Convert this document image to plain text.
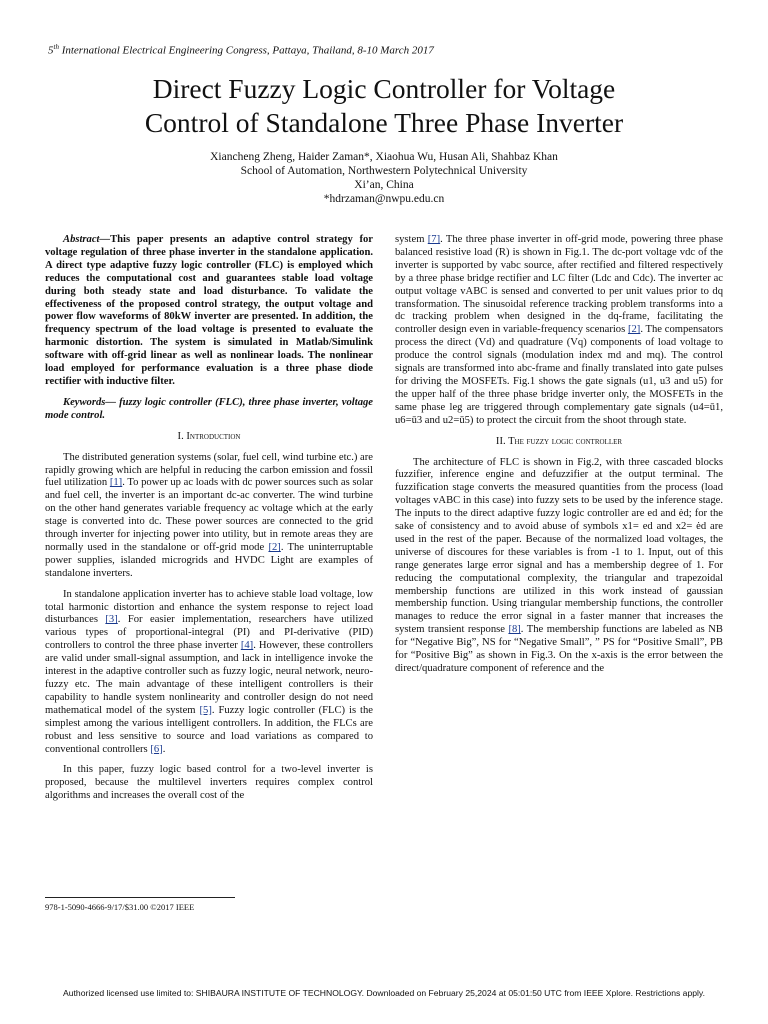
5th International Electrical Engineering Congress, Pattaya, Thailand, 8-10 March 2017
Direct Fuzzy Logic Controller for Voltage
Control of Standalone Three Phase Inverter
Xiancheng Zheng, Haider Zaman*, Xiaohua Wu, Husan Ali, Shahbaz Khan
School of Automation, Northwestern Polytechnical University
Xi’an, China
*hdrzaman@nwpu.edu.cn

Abstract—This paper presents an adaptive control strategy for voltage regulation of three phase inverter in the standalone application. A direct type adaptive fuzzy logic controller (FLC) is employed which reduces the computational cost and guarantees stable load voltage during both steady state and load disturbance. To validate the effectiveness of the proposed control strategy, the output voltage and power flow waveforms of 80kW inverter are presented. In addition, the frequency spectrum of the load voltage is presented to evaluate the harmonic distortion. The system is simulated in Matlab/Simulink software with off-grid linear as well as nonlinear loads. The nonlinear load employed for performance evaluation is a three phase diode rectifier with inductive filter.

Keywords— fuzzy logic controller (FLC), three phase inverter, voltage mode control.

I. Introduction

The distributed generation systems (solar, fuel cell, wind turbine etc.) are rapidly growing which are helpful in reducing the carbon emission and fossil fuel utilization [1]. To power up ac loads with dc power sources such as solar and fuel cell, the inverter is an important dc-ac converter. The wind turbine on the other hand generates variable frequency ac voltage which at the early stage is converted into dc. These power sources are connected to the grid through inverter for injecting power into utility, but in remote areas they are normally used in the standalone or off-grid mode [2]. The uninterruptable power supplies, islanded microgrids and HVDC Light are examples of standalone inverters.

In standalone application inverter has to achieve stable load voltage, low total harmonic distortion and enhance the system response to reject load disturbances [3]. For easier implementation, researchers have utilized various types of proportional-integral (PI) and PI-derivative (PID) controllers to control the three phase inverter [4]. However, these controllers are valid under small-signal assumption, and lack in intelligence invoke the interest in the adaptive controller such as fuzzy logic, neural network, neuro-fuzzy etc. The main advantage of these intelligent controllers is their capability to handle system nonlinearity and controller design do not need mathematical model of the system [5]. Fuzzy logic controller (FLC) is the simplest among the various intelligent controllers. In addition, the FLCs are robust and less sensitive to source and load variations as compared to conventional controllers [6].

In this paper, fuzzy logic based control for a two-level inverter is proposed, because the multilevel inverters requires complex control algorithms and increases the overall cost of the

system [7]. The three phase inverter in off-grid mode, powering three phase balanced resistive load (R) is shown in Fig.1. The dc-port voltage vdc of the inverter is supported by vabc source, after rectified and filtered respectively by a three phase bridge rectifier and LC filter (Ldc and Cdc). The inverter ac output voltage vABC is sensed and converted to per unit values prior to dq transformation. The sinusoidal reference tracking problem transforms into a dc tracking problem when designed in the dq-frame, facilitating the controller design even in variable-frequency scenarios [2]. The compensators process the direct (Vd) and quadrature (Vq) components of load voltage to produce the control signals (modulation index md and mq). The control signals are transformed into abc-frame and finally translated into gate pulses for driving the MOSFETs. Fig.1 shows the gate signals (u1, u3 and u5) for the upper half of the three phase bridge inverter only, the MOSFETs in the same phase leg are triggered through complementary gate signals (u4=ū1, u6=ū3 and u2=ū5) to protect the circuit from the shoot through state.

II. The fuzzy logic controller

The architecture of FLC is shown in Fig.2, with three cascaded blocks fuzzifier, inference engine and defuzzifier at the output terminal. The fuzzification stage converts the measured quantities from the process (load voltages vABC in this case) into fuzzy sets to be used by the inference stage. The inputs to the direct adaptive fuzzy logic controller are ed and ėd; for the sake of consistency and to avoid abuse of symbols x1= ed and x2= ėd are used in the rest of the paper. Because of the normalized load voltages, the universe of discoures for these variables is from -1 to 1. Input, out of this range generates large error signal and has a membership degree of 1. For reducing the computational complexity, the triangular and trapezoidal membership functions are utilized in this work instead of gaussian membership function. Using triangular membership functions, the controller manages to reduce the error signal in a faster manner that increases the system transient response [8]. The membership functions are labeled as NB for “Negative Big”, NS for “Negative Small”, ” PS for “Positive Small”, PB for “Positive Big” as shown in Fig.3. On the x-axis is the error between the direct/quadrature component of reference and the

978-1-5090-4666-9/17/$31.00 ©2017 IEEE
Authorized licensed use limited to: SHIBAURA INSTITUTE OF TECHNOLOGY. Downloaded on February 25,2024 at 05:01:50 UTC from IEEE Xplore. Restrictions apply.
